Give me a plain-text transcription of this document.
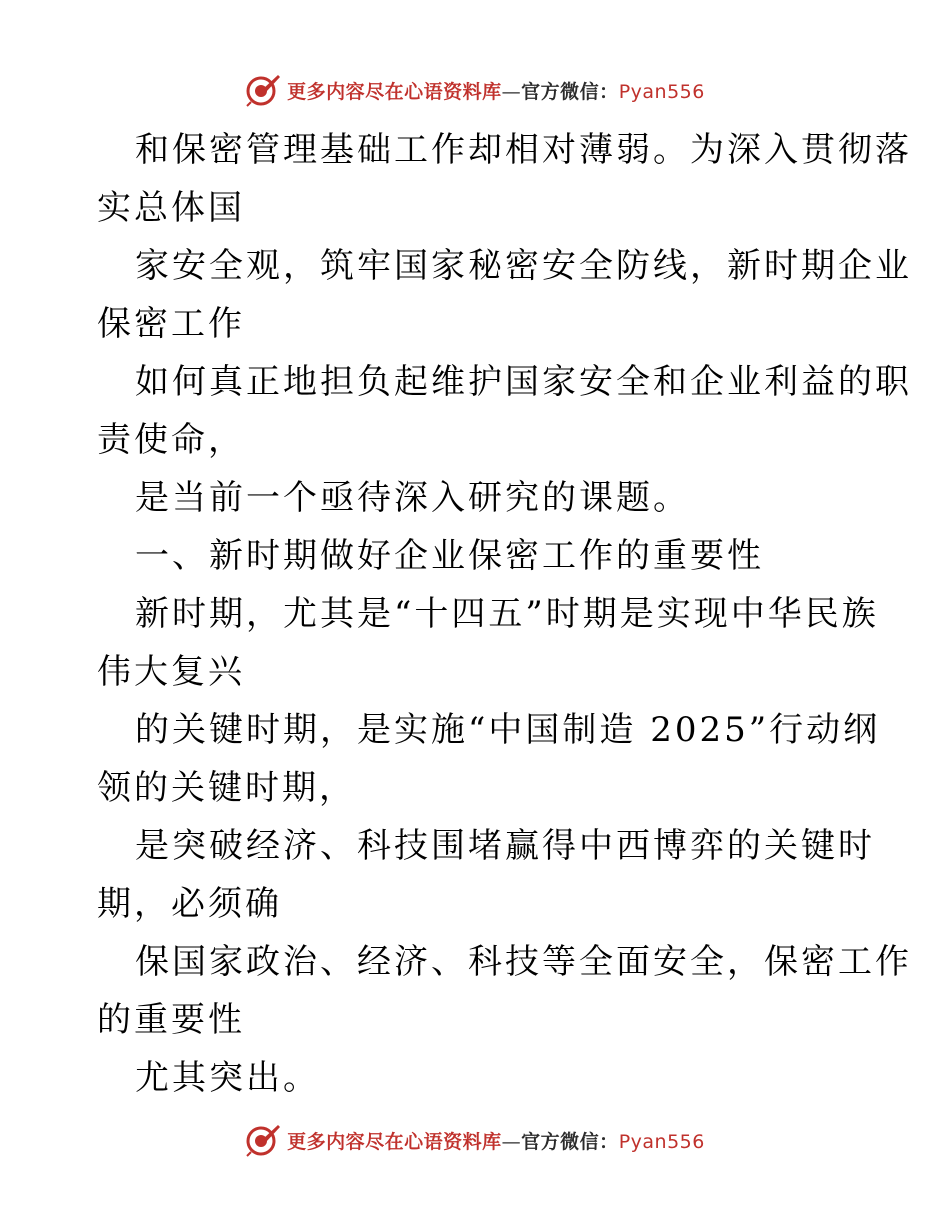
更多内容尽在心语资料库—官方微信：Pyan556
和保密管理基础工作却相对薄弱。为深入贯彻落
实总体国
家安全观，筑牢国家秘密安全防线，新时期企业
保密工作
如何真正地担负起维护国家安全和企业利益的职
责使命，
是当前一个亟待深入研究的课题。
一、新时期做好企业保密工作的重要性
新时期，尤其是“十四五”时期是实现中华民族
伟大复兴
的关键时期，是实施“中国制造 2025”行动纲
领的关键时期，
是突破经济、科技围堵赢得中西博弈的关键时
期，必须确
保国家政治、经济、科技等全面安全，保密工作
的重要性
尤其突出。
更多内容尽在心语资料库—官方微信：Pyan556
